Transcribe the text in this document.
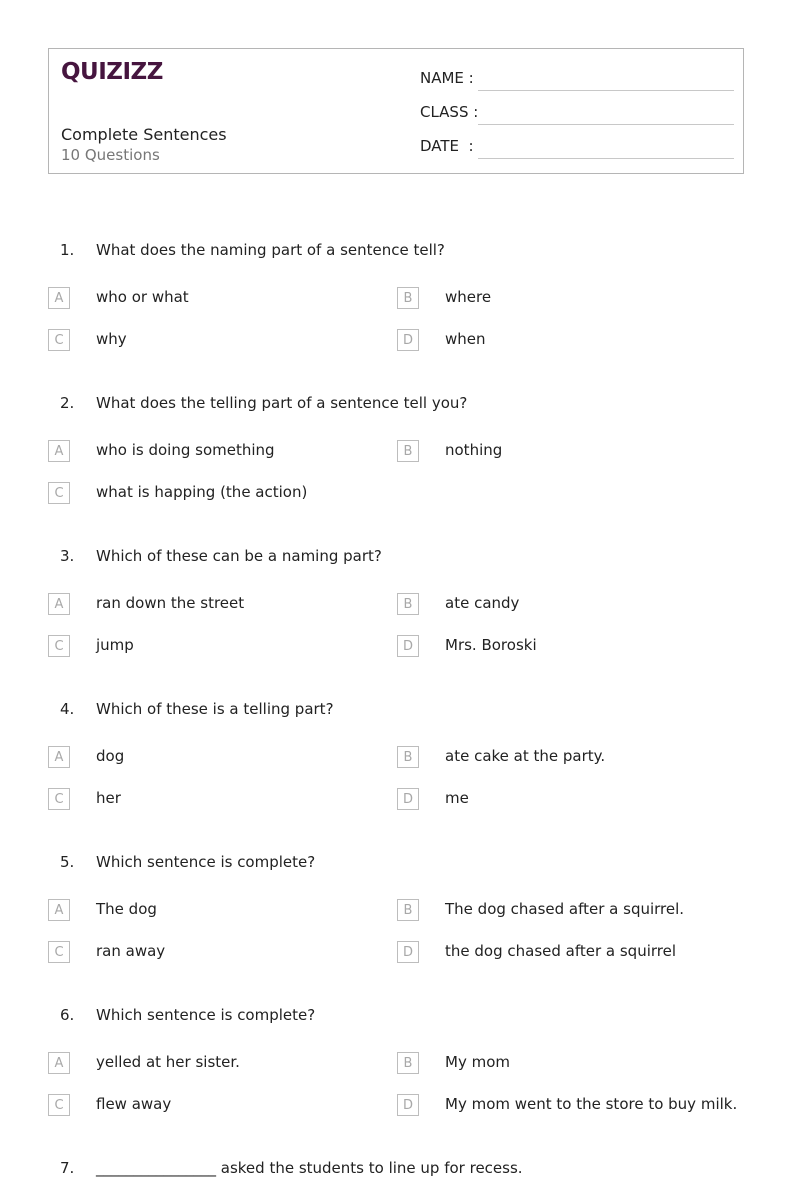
QUIZIZZ
Complete Sentences
10 Questions
NAME :
CLASS :
DATE  :
1. What does the naming part of a sentence tell?
A	who or what	B	where
C	why	D	when
2. What does the telling part of a sentence tell you?
A	who is doing something	B	nothing
C	what is happing (the action)
3. Which of these can be a naming part?
A	ran down the street	B	ate candy
C	jump	D	Mrs. Boroski
4. Which of these is a telling part?
A	dog	B	ate cake at the party.
C	her	D	me
5. Which sentence is complete?
A	The dog	B	The dog chased after a squirrel.
C	ran away	D	the dog chased after a squirrel
6. Which sentence is complete?
A	yelled at her sister.	B	My mom
C	flew away	D	My mom went to the store to buy milk.
7. ________________ asked the students to line up for recess.
